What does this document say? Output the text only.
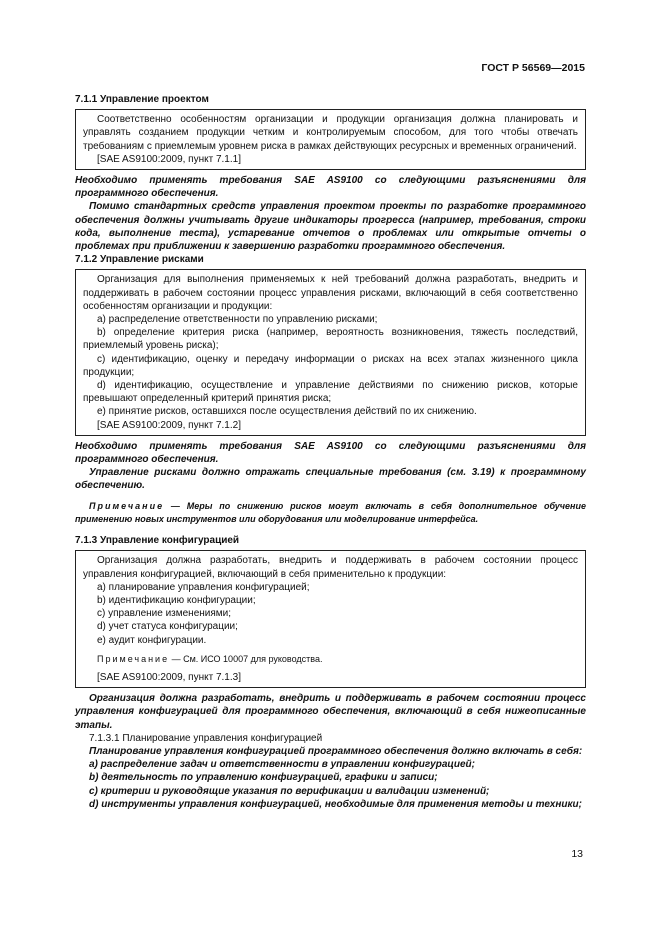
ГОСТ Р 56569—2015
7.1.1 Управление проектом

Соответственно особенностям организации и продукции организация должна планировать и управлять созданием продукции четким и контролируемым способом, для того чтобы отвечать требованиям с приемлемым уровнем риска в рамках действующих ресурсных и временных ограничений.

[SAE AS9100:2009, пункт 7.1.1]

Необходимо применять требования SAE AS9100 со следующими разъяснениями для программного обеспечения.

Помимо стандартных средств управления проектом проекты по разработке программного обеспечения должны учитывать другие индикаторы прогресса (например, требования, строки кода, выполнение теста), устаревание отчетов о проблемах или открытые отчеты о проблемах при приближении к завершению разработки программного обеспечения.

7.1.2 Управление рисками

Организация для выполнения применяемых к ней требований должна разработать, внедрить и поддерживать в рабочем состоянии процесс управления рисками, включающий в себя соответственно особенностям организации и продукции:

a) распределение ответственности по управлению рисками;

b) определение критерия риска (например, вероятность возникновения, тяжесть последствий, приемлемый уровень риска);

c) идентификацию, оценку и передачу информации о рисках на всех этапах жизненного цикла продукции;

d) идентификацию, осуществление и управление действиями по снижению рисков, которые превышают определенный критерий принятия риска;

e) принятие рисков, оставшихся после осуществления действий по их снижению.

[SAE AS9100:2009, пункт 7.1.2]

Необходимо применять требования SAE AS9100 со следующими разъяснениями для программного обеспечения.

Управление рисками должно отражать специальные требования (см. 3.19) к программному обеспечению.

Примечание — Меры по снижению рисков могут включать в себя дополнительное обучение применению новых инструментов или оборудования или моделирование интерфейса.

7.1.3 Управление конфигурацией

Организация должна разработать, внедрить и поддерживать в рабочем состоянии процесс управления конфигурацией, включающий в себя применительно к продукции:

a) планирование управления конфигурацией;

b) идентификацию конфигурации;

c) управление изменениями;

d) учет статуса конфигурации;

e) аудит конфигурации.

Примечание — См. ИСО 10007 для руководства.

[SAE AS9100:2009, пункт 7.1.3]

Организация должна разработать, внедрить и поддерживать в рабочем состоянии процесс управления конфигурацией для программного обеспечения, включающий в себя нижеописанные этапы.

7.1.3.1 Планирование управления конфигурацией

Планирование управления конфигурацией программного обеспечения должно включать в себя:

a) распределение задач и ответственности в управлении конфигурацией;

b) деятельность по управлению конфигурацией, графики и записи;

c) критерии и руководящие указания по верификации и валидации изменений;

d) инструменты управления конфигурацией, необходимые для применения методы и техники;

13
